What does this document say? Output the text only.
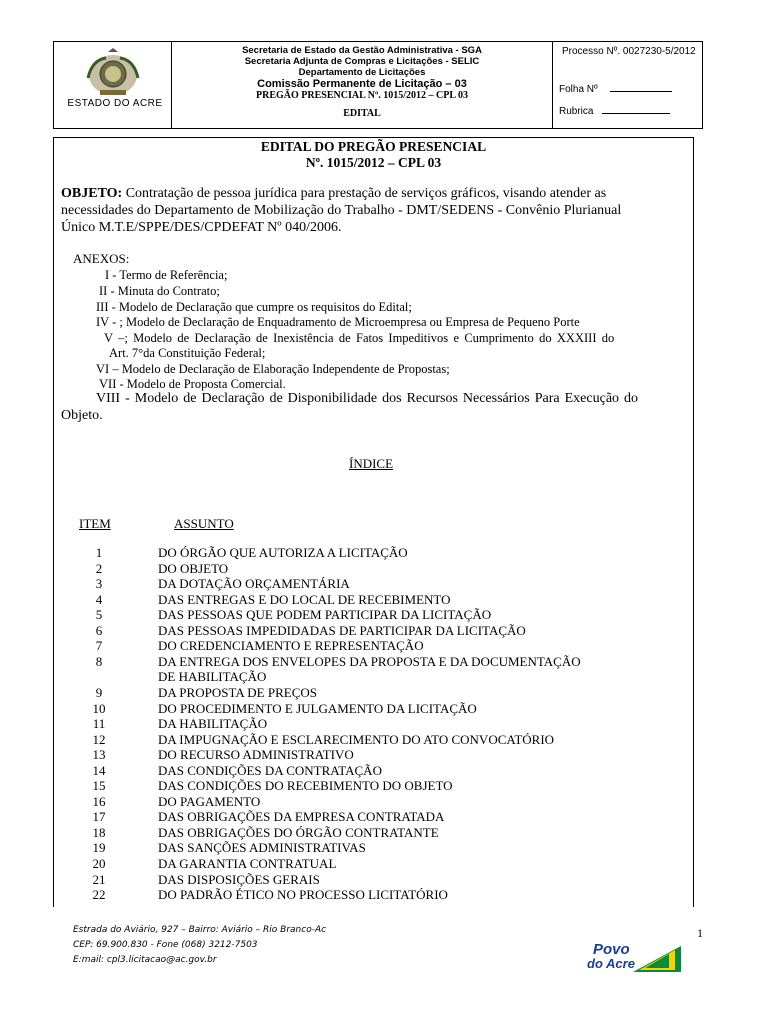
ESTADO DO ACRE
Secretaria de Estado da Gestão Administrativa - SGA
Secretaria Adjunta de Compras e Licitações - SELIC
Departamento de Licitações
Comissão Permanente de Licitação – 03
PREGÃO PRESENCIAL Nº. 1015/2012 – CPL 03
EDITAL
Processo Nº. 0027230-5/2012
Folha Nº
Rubrica
EDITAL DO PREGÃO PRESENCIAL
Nº. 1015/2012 – CPL 03
OBJETO: Contratação de pessoa jurídica para prestação de serviços gráficos, visando atender as
necessidades do Departamento de Mobilização do Trabalho - DMT/SEDENS - Convênio Plurianual
Único M.T.E/SPPE/DES/CPDEFAT Nº 040/2006.
ANEXOS:
I - Termo de Referência;
II - Minuta do Contrato;
III - Modelo de Declaração que cumpre os requisitos do Edital;
IV - ; Modelo de Declaração de Enquadramento de Microempresa ou Empresa de Pequeno Porte
V –; Modelo de Declaração de Inexistência de Fatos Impeditivos e Cumprimento do XXXIII do
Art. 7°da Constituição Federal;
VI – Modelo de Declaração de Elaboração Independente de Propostas;
VII - Modelo de Proposta Comercial.
VIII - Modelo de Declaração de Disponibilidade dos Recursos Necessários Para Execução do
Objeto.
ÍNDICE
ITEM	ASSUNTO
1	DO ÓRGÃO QUE AUTORIZA A LICITAÇÃO
2	DO OBJETO
3	DA DOTAÇÃO ORÇAMENTÁRIA
4	DAS ENTREGAS E DO LOCAL DE RECEBIMENTO
5	DAS PESSOAS QUE PODEM PARTICIPAR DA LICITAÇÃO
6	DAS PESSOAS IMPEDIDADAS DE PARTICIPAR DA LICITAÇÃO
7	DO CREDENCIAMENTO E REPRESENTAÇÃO
8	DA ENTREGA DOS ENVELOPES DA PROPOSTA E DA DOCUMENTAÇÃO
DE HABILITAÇÃO
9	DA PROPOSTA DE PREÇOS
10	DO PROCEDIMENTO E JULGAMENTO DA LICITAÇÃO
11	DA HABILITAÇÃO
12	DA IMPUGNAÇÃO E ESCLARECIMENTO DO ATO CONVOCATÓRIO
13	DO RECURSO ADMINISTRATIVO
14	DAS CONDIÇÕES DA CONTRATAÇÃO
15	DAS CONDIÇÕES DO RECEBIMENTO DO OBJETO
16	DO PAGAMENTO
17	DAS OBRIGAÇÕES DA EMPRESA CONTRATADA
18	DAS OBRIGAÇÕES DO ÓRGÃO CONTRATANTE
19	DAS SANÇÕES ADMINISTRATIVAS
20	DA GARANTIA CONTRATUAL
21	DAS DISPOSIÇÕES GERAIS
22	DO PADRÃO ÉTICO NO PROCESSO LICITATÓRIO
Estrada do Aviário, 927 – Bairro: Aviário – Rio Branco-Ac
CEP: 69.900.830 - Fone (068) 3212-7503
E:mail: cpl3.licitacao@ac.gov.br
1
Povo
do Acre
